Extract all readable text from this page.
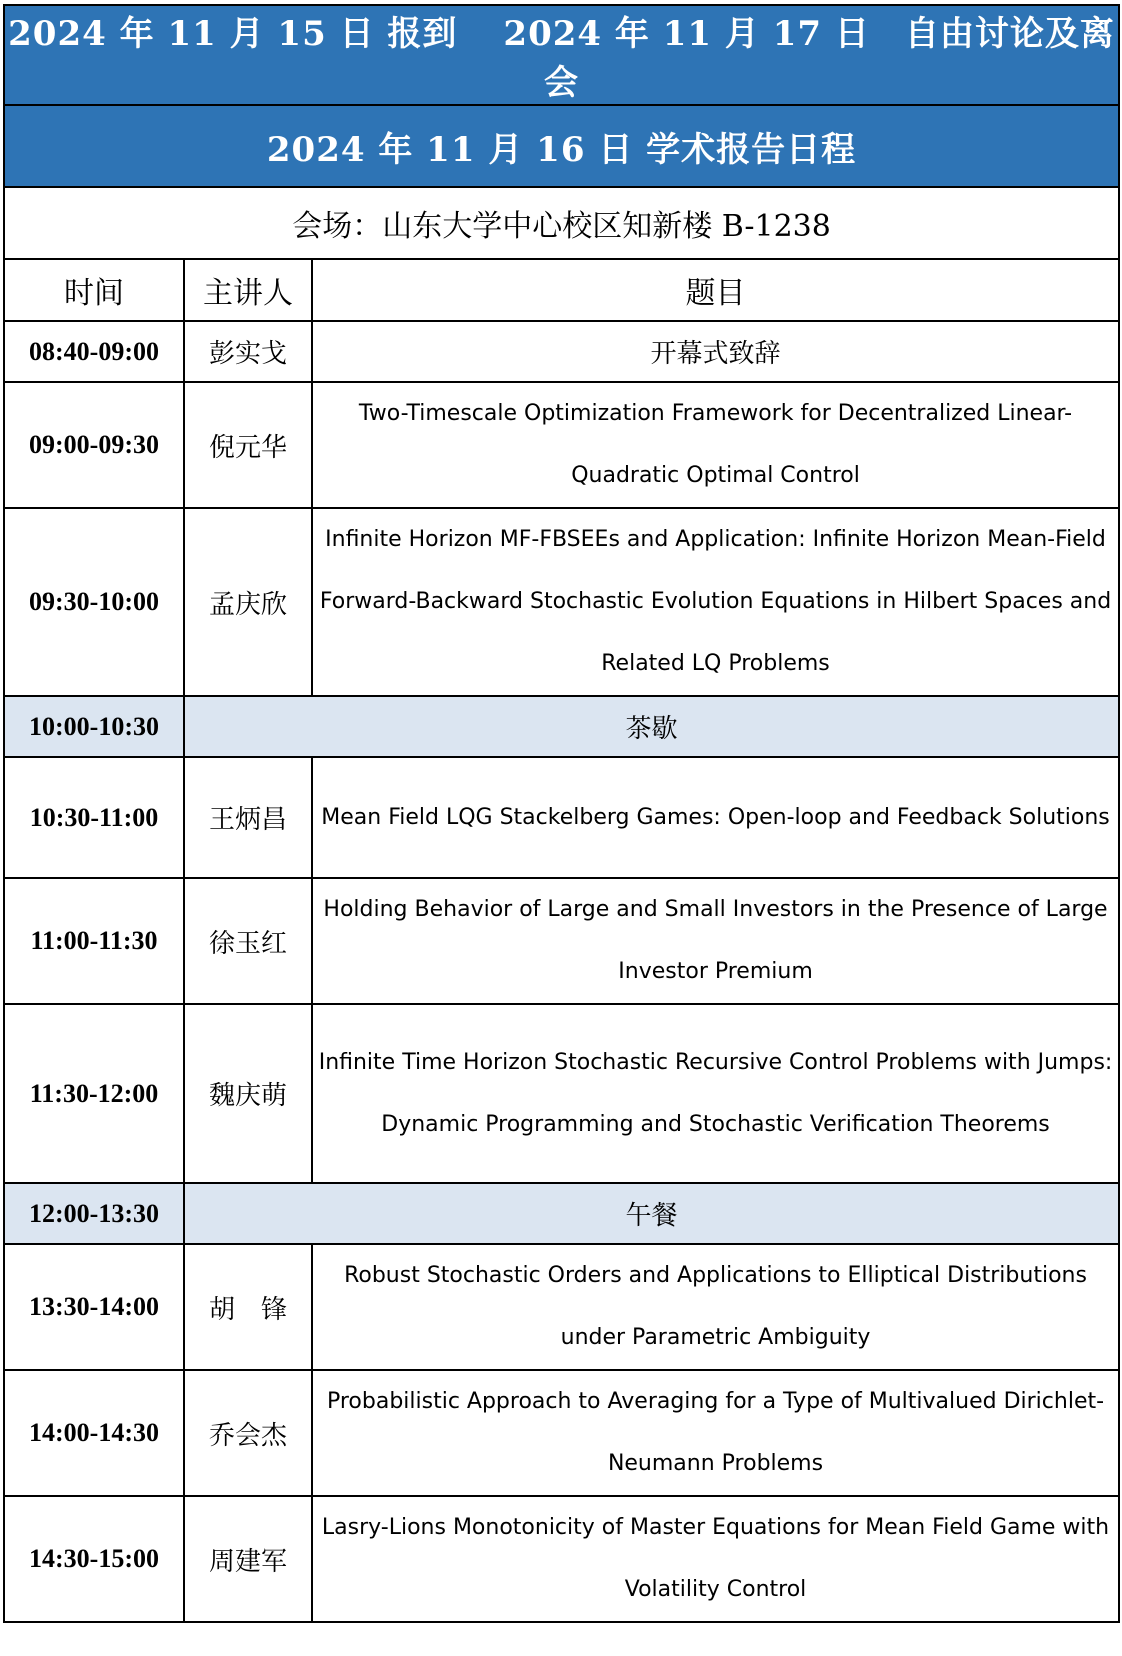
2024 年 11 月 15 日 报到 2024 年 11 月 17 日　自由讨论及离会		
2024 年 11 月 16 日 学术报告日程		
会场：山东大学中心校区知新楼 B-1238		
时间	主讲人	题目
08:40-09:00	彭实戈	开幕式致辞
09:00-09:30	倪元华	Two-Timescale Optimization Framework for Decentralized Linear-Quadratic Optimal Control
09:30-10:00	孟庆欣	Infinite Horizon MF-FBSEEs and Application: Infinite Horizon Mean-Field Forward-Backward Stochastic Evolution Equations in Hilbert Spaces and Related LQ Problems
10:00-10:30	茶歇	
10:30-11:00	王炳昌	Mean Field LQG Stackelberg Games: Open-loop and Feedback Solutions
11:00-11:30	徐玉红	Holding Behavior of Large and Small Investors in the Presence of Large Investor Premium
11:30-12:00	魏庆萌	Infinite Time Horizon Stochastic Recursive Control Problems with Jumps: Dynamic Programming and Stochastic Verification Theorems
12:00-13:30	午餐	
13:30-14:00	胡　锋	Robust Stochastic Orders and Applications to Elliptical Distributions under Parametric Ambiguity
14:00-14:30	乔会杰	Probabilistic Approach to Averaging for a Type of Multivalued Dirichlet-Neumann Problems
14:30-15:00	周建军	Lasry-Lions Monotonicity of Master Equations for Mean Field Game with Volatility Control
